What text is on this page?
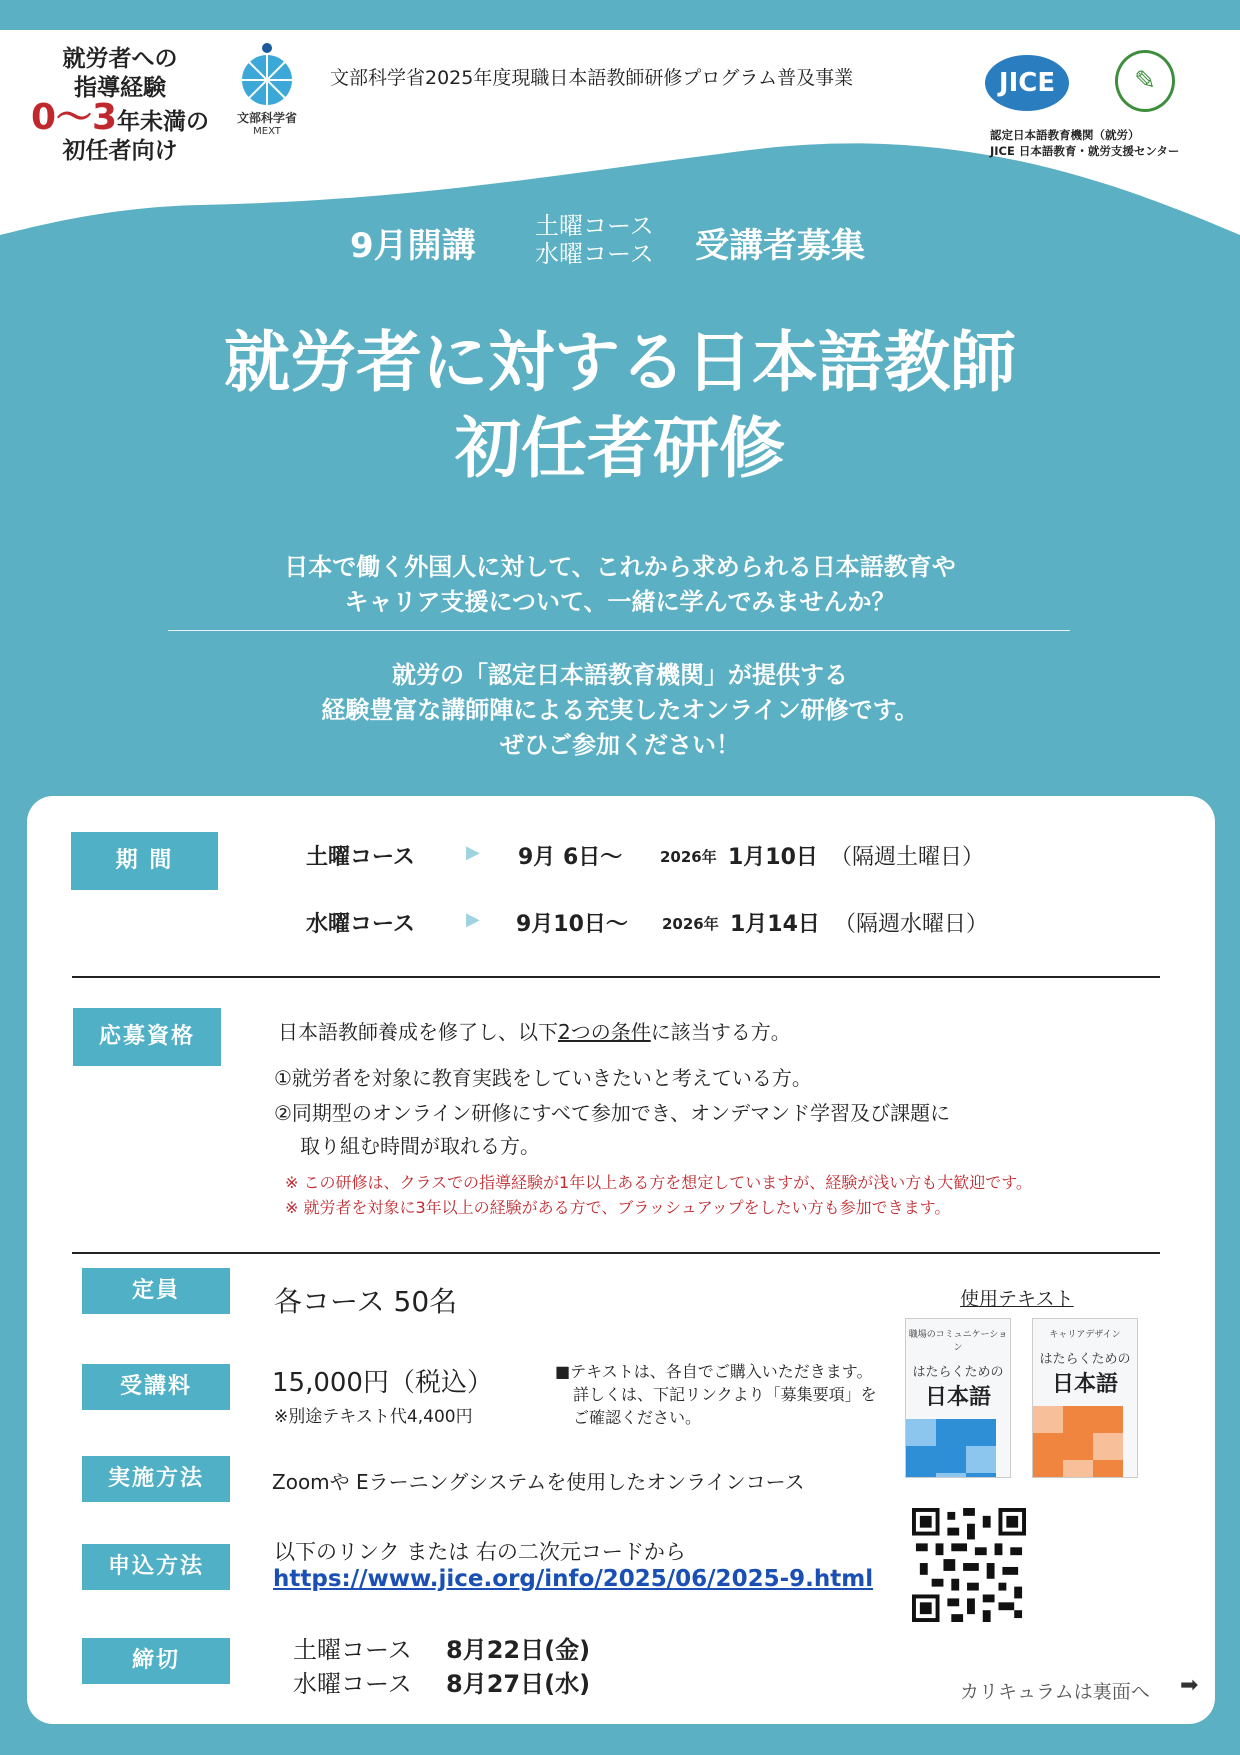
就労者への
指導経験
0〜3年未満の
初任者向け
文部科学省
MEXT
文部科学省2025年度現職日本語教師研修プログラム普及事業	JICE	✎
認定日本語教育機関（就労）
JICE 日本語教育・就労支援センター
9月開講 土曜コース
水曜コース 受講者募集
就労者に対する日本語教師
初任者研修
日本で働く外国人に対して、これから求められる日本語教育や
キャリア支援について、一緒に学んでみませんか？
就労の「認定日本語教育機関」が提供する
経験豊富な講師陣による充実したオンライン研修です。
ぜひご参加ください！
期 間	土曜コース	▶ 9月 6日〜	2026年 1月10日 （隔週土曜日）
水曜コース	▶ 9月10日〜 2026年 1月14日 （隔週水曜日）
応募資格	日本語教師養成を修了し、以下2つの条件に該当する方。
①就労者を対象に教育実践をしていきたいと考えている方。
②同期型のオンライン研修にすべて参加でき、オンデマンド学習及び課題に
取り組む時間が取れる方。
※ この研修は、クラスでの指導経験が1年以上ある方を想定していますが、経験が浅い方も大歓迎です。
※ 就労者を対象に3年以上の経験がある方で、ブラッシュアップをしたい方も参加できます。
定員	各コース 50名
受講料	15,000円（税込）
※別途テキスト代4,400円
■テキストは、各自でご購入いただきます。
詳しくは、下記リンクより「募集要項」を
ご確認ください。
使用テキスト
職場のコミュニケーション
はたらくための
日本語
キャリアデザイン
はたらくための
日本語
実施方法	Zoomや Eラーニングシステムを使用したオンラインコース
申込方法
以下のリンク または 右の二次元コードから
https://www.jice.org/info/2025/06/2025-9.html
締切	土曜コース 8月22日(金)
水曜コース 8月27日(水)	カリキュラムは裏面へ ➡
